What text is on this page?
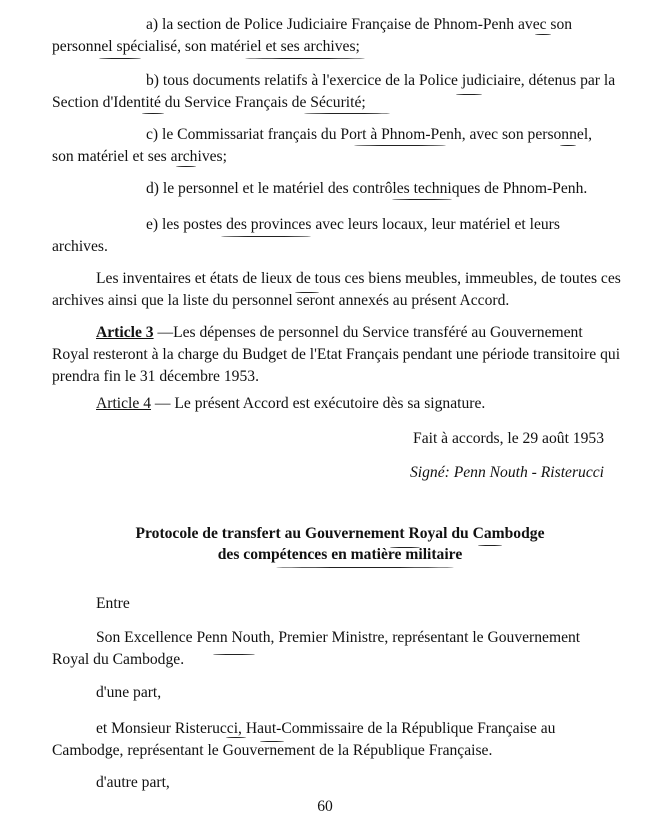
a) la section de Police Judiciaire Française de Phnom-Penh avec son personnel spécialisé, son matériel et ses archives;

b) tous documents relatifs à l'exercice de la Police judiciaire, détenus par la Section d'Identité du Service Français de Sécurité;

c) le Commissariat français du Port à Phnom-Penh, avec son personnel, son matériel et ses archives;

d) le personnel et le matériel des contrôles techniques de Phnom-Penh.

e) les postes des provinces avec leurs locaux, leur matériel et leurs archives.

Les inventaires et états de lieux de tous ces biens meubles, immeubles, de toutes ces archives ainsi que la liste du personnel seront annexés au présent Accord.

Article 3 —Les dépenses de personnel du Service transféré au Gouvernement Royal resteront à la charge du Budget de l'Etat Français pendant une période transitoire qui prendra fin le 31 décembre 1953.

Article 4 — Le présent Accord est exécutoire dès sa signature.

Fait à accords, le 29 août 1953

Signé: Penn Nouth - Risterucci

Protocole de transfert au Gouvernement Royal du Cambodge

des compétences en matière militaire

Entre

Son Excellence Penn Nouth, Premier Ministre, représentant le Gouvernement Royal du Cambodge.

d'une part,

et Monsieur Risterucci, Haut-Commissaire de la République Française au Cambodge, représentant le Gouvernement de la République Française.

d'autre part,

60
